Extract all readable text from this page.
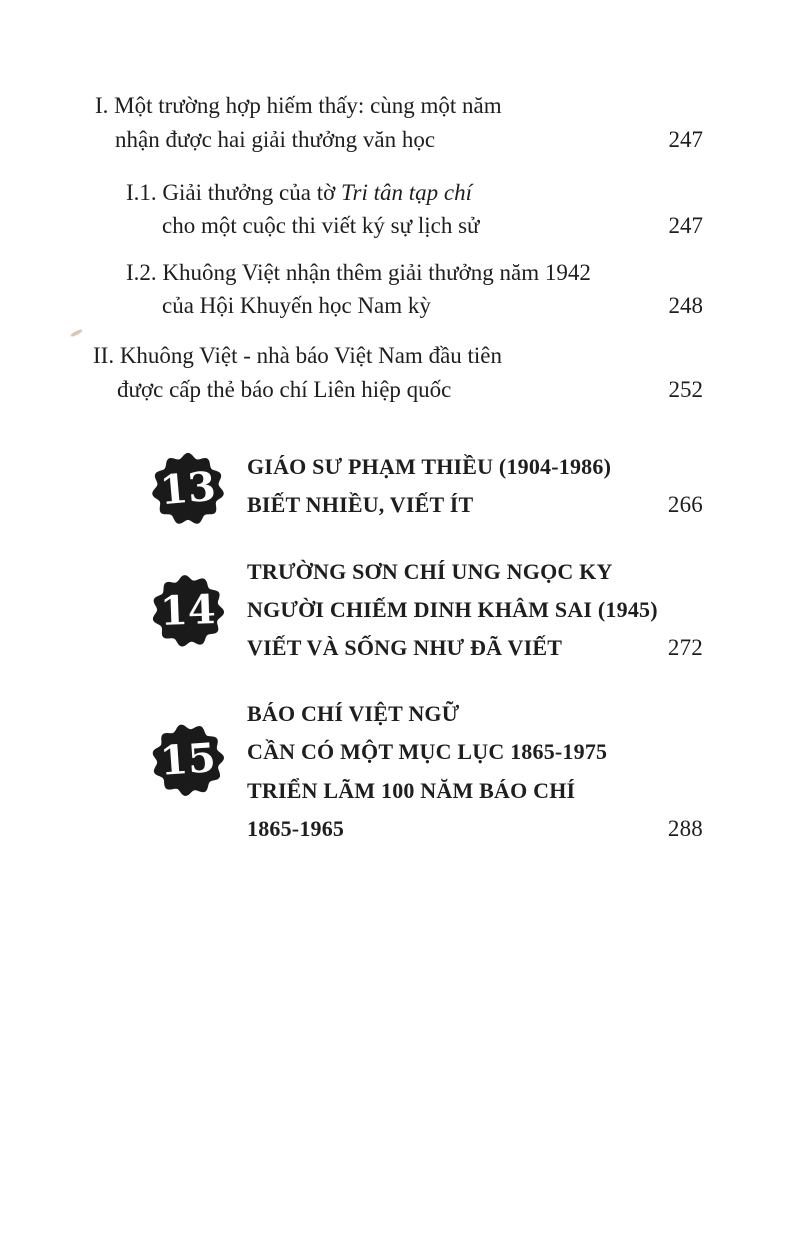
I. Một trường hợp hiếm thấy: cùng một năm
nhận được hai giải thưởng văn học	247
I.1. Giải thưởng của tờ Tri tân tạp chí
cho một cuộc thi viết ký sự lịch sử	247
I.2. Khuông Việt nhận thêm giải thưởng năm 1942
của Hội Khuyến học Nam kỳ	248
II. Khuông Việt - nhà báo Việt Nam đầu tiên
được cấp thẻ báo chí Liên hiệp quốc	252
13 GIÁO SƯ PHẠM THIỀU (1904-1986)
BIẾT NHIỀU, VIẾT ÍT	266
14
TRƯỜNG SƠN CHÍ UNG NGỌC KY
NGƯỜI CHIẾM DINH KHÂM SAI (1945)
VIẾT VÀ SỐNG NHƯ ĐÃ VIẾT	272
15
BÁO CHÍ VIỆT NGỮ
CẦN CÓ MỘT MỤC LỤC 1865-1975
TRIỂN LÃM 100 NĂM BÁO CHÍ
1865-1965	288
